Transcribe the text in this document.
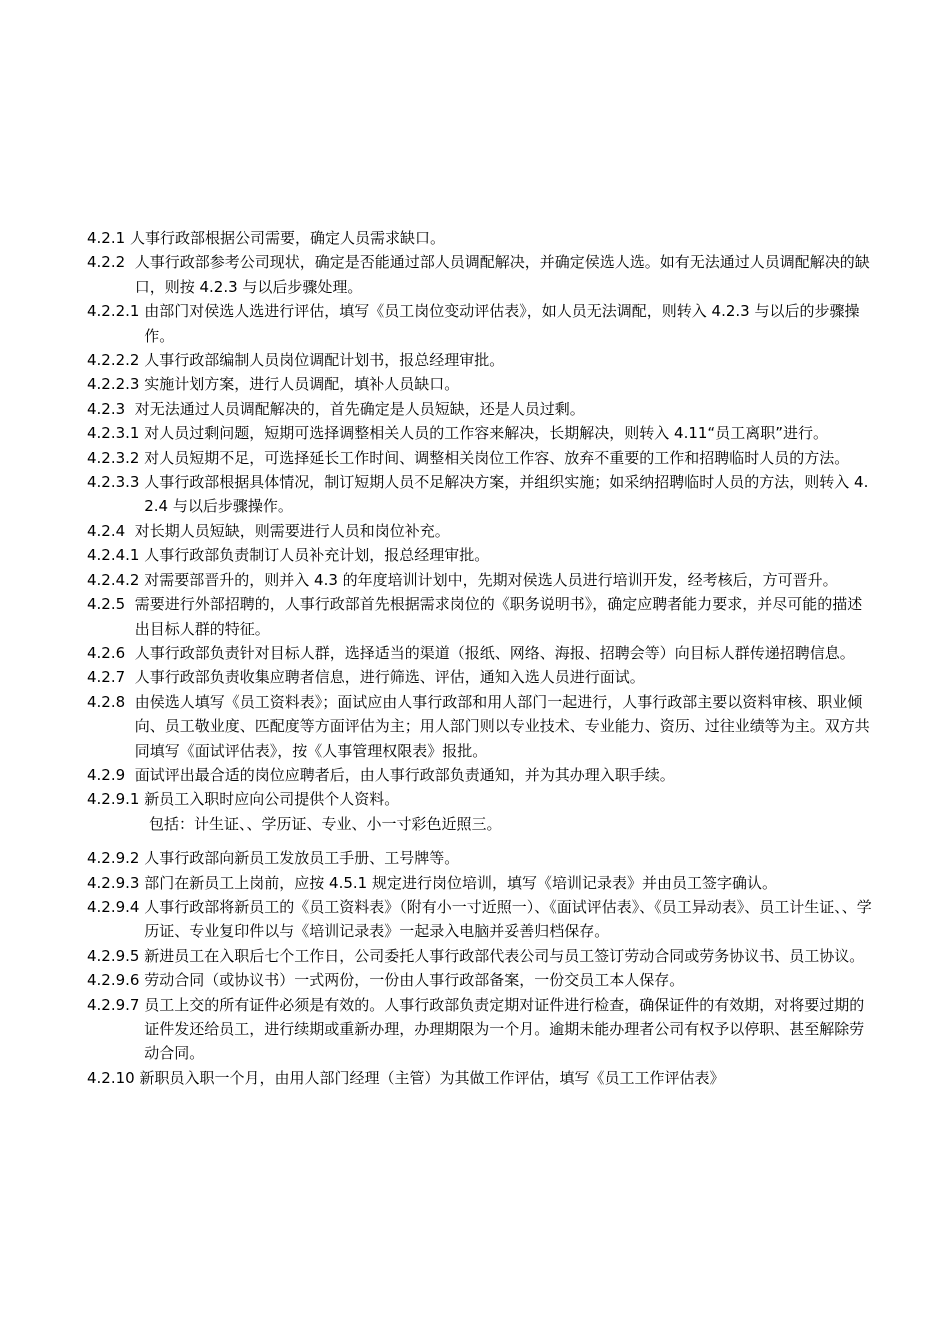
4.2.1 人事行政部根据公司需要，确定人员需求缺口。
4.2.2 人事行政部参考公司现状，确定是否能通过部人员调配解决，并确定侯选人选。如有无法通过人员调配解决的缺口，则按 4.2.3 与以后步骤处理。
4.2.2.1 由部门对侯选人选进行评估，填写《员工岗位变动评估表》，如人员无法调配，则转入 4.2.3 与以后的步骤操作。
4.2.2.2 人事行政部编制人员岗位调配计划书，报总经理审批。
4.2.2.3 实施计划方案，进行人员调配，填补人员缺口。
4.2.3 对无法通过人员调配解决的，首先确定是人员短缺，还是人员过剩。
4.2.3.1 对人员过剩问题，短期可选择调整相关人员的工作容来解决，长期解决，则转入 4.11“员工离职”进行。
4.2.3.2 对人员短期不足，可选择延长工作时间、调整相关岗位工作容、放弃不重要的工作和招聘临时人员的方法。
4.2.3.3 人事行政部根据具体情况，制订短期人员不足解决方案，并组织实施；如采纳招聘临时人员的方法，则转入 4.2.4 与以后步骤操作。
4.2.4 对长期人员短缺，则需要进行人员和岗位补充。
4.2.4.1 人事行政部负责制订人员补充计划，报总经理审批。
4.2.4.2 对需要部晋升的，则并入 4.3 的年度培训计划中，先期对侯选人员进行培训开发，经考核后，方可晋升。
4.2.5 需要进行外部招聘的，人事行政部首先根据需求岗位的《职务说明书》，确定应聘者能力要求，并尽可能的描述出目标人群的特征。
4.2.6 人事行政部负责针对目标人群，选择适当的渠道（报纸、网络、海报、招聘会等）向目标人群传递招聘信息。
4.2.7 人事行政部负责收集应聘者信息，进行筛选、评估，通知入选人员进行面试。
4.2.8 由侯选人填写《员工资料表》；面试应由人事行政部和用人部门一起进行，人事行政部主要以资料审核、职业倾向、员工敬业度、匹配度等方面评估为主；用人部门则以专业技术、专业能力、资历、过往业绩等为主。双方共同填写《面试评估表》，按《人事管理权限表》报批。
4.2.9 面试评出最合适的岗位应聘者后，由人事行政部负责通知，并为其办理入职手续。
4.2.9.1 新员工入职时应向公司提供个人资料。
包括：计生证、、学历证、专业、小一寸彩色近照三。
4.2.9.2 人事行政部向新员工发放员工手册、工号牌等。
4.2.9.3 部门在新员工上岗前，应按 4.5.1 规定进行岗位培训，填写《培训记录表》并由员工签字确认。
4.2.9.4 人事行政部将新员工的《员工资料表》（附有小一寸近照一）、《面试评估表》、《员工异动表》、员工计生证、、学历证、专业复印件以与《培训记录表》一起录入电脑并妥善归档保存。
4.2.9.5 新进员工在入职后七个工作日，公司委托人事行政部代表公司与员工签订劳动合同或劳务协议书、员工协议。
4.2.9.6 劳动合同（或协议书）一式两份，一份由人事行政部备案，一份交员工本人保存。
4.2.9.7 员工上交的所有证件必须是有效的。人事行政部负责定期对证件进行检查，确保证件的有效期，对将要过期的证件发还给员工，进行续期或重新办理，办理期限为一个月。逾期未能办理者公司有权予以停职、甚至解除劳动合同。
4.2.10 新职员入职一个月，由用人部门经理（主管）为其做工作评估，填写《员工工作评估表》
